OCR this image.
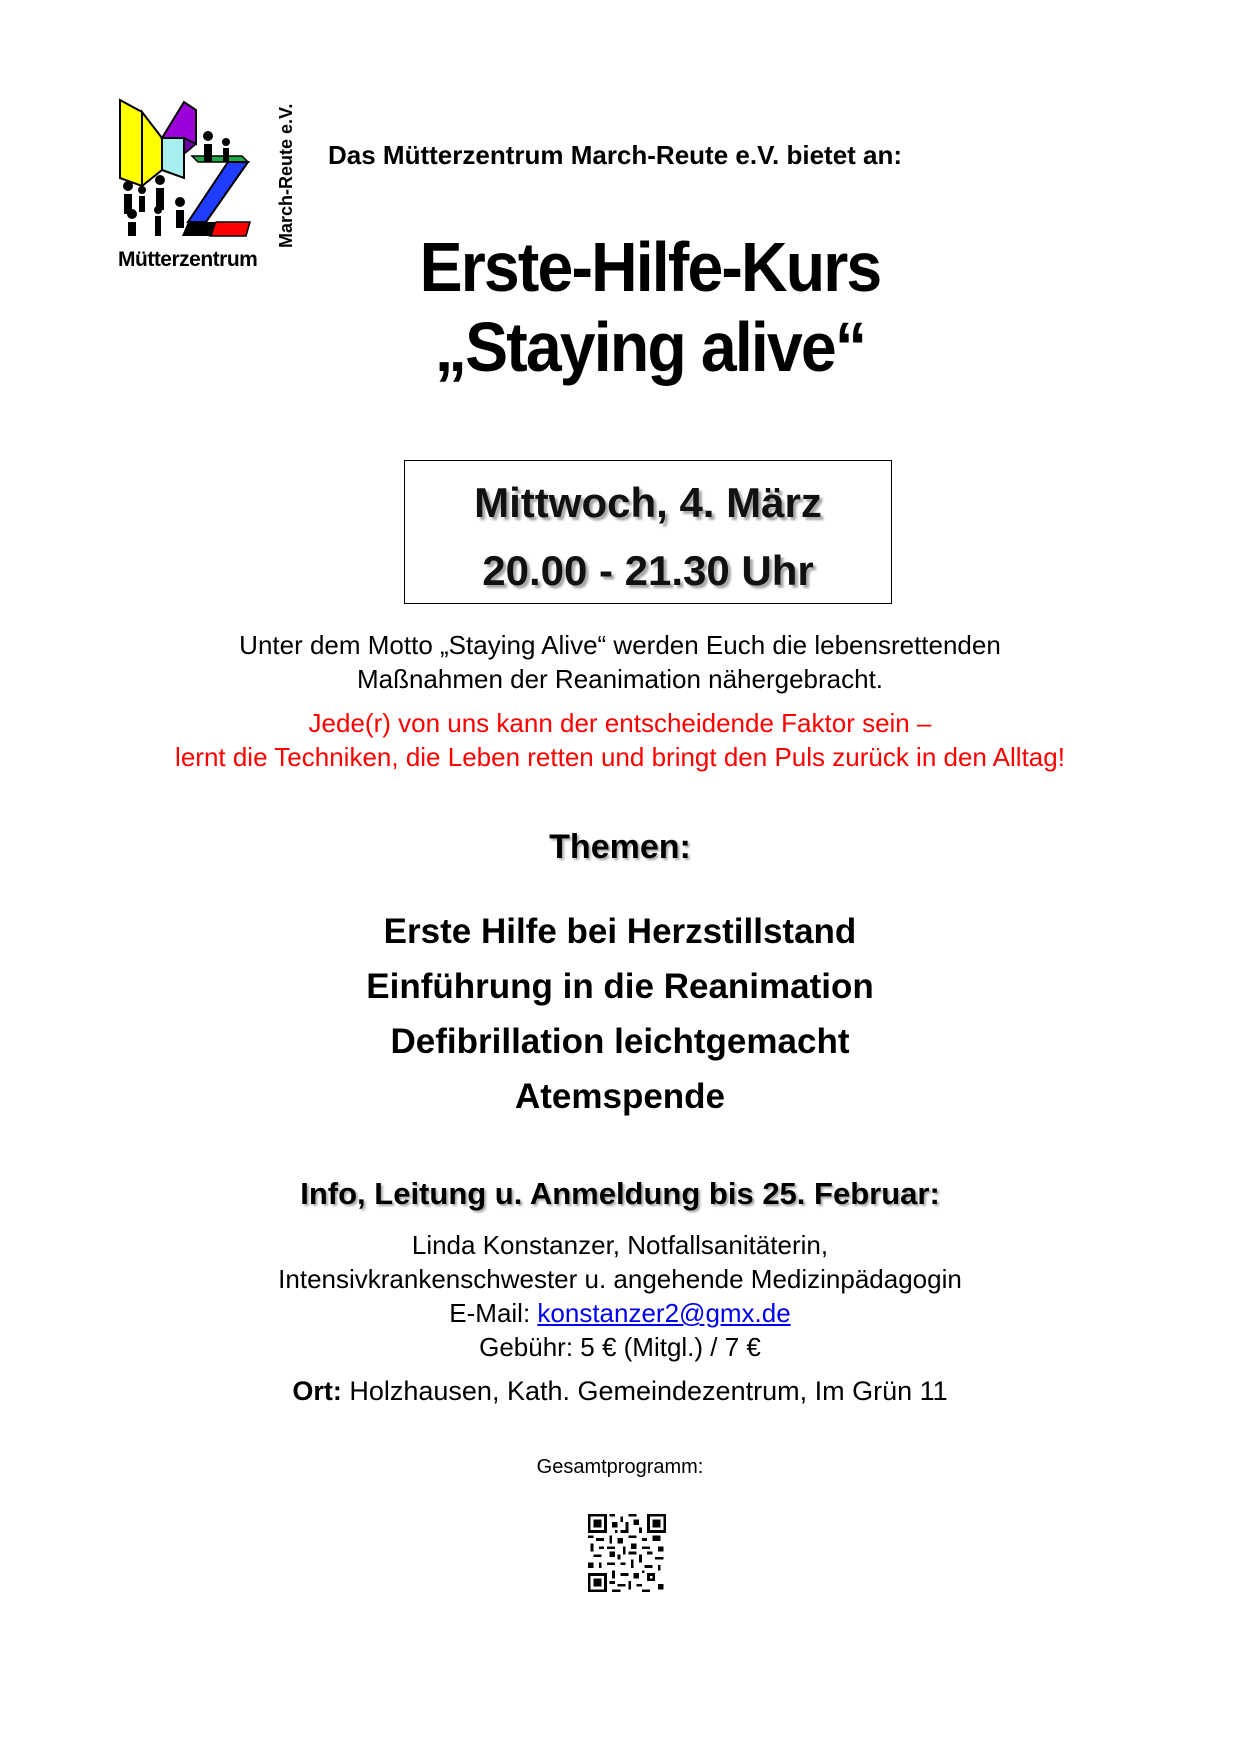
Mütterzentrum
March-Reute e.V. Das Mütterzentrum March-Reute e.V. bietet an:
Erste-Hilfe-Kurs
„Staying alive“
Mittwoch, 4. März
20.00 - 21.30 Uhr
Unter dem Motto „Staying Alive“ werden Euch die lebensrettenden
Maßnahmen der Reanimation nähergebracht.
Jede(r) von uns kann der entscheidende Faktor sein –
lernt die Techniken, die Leben retten und bringt den Puls zurück in den Alltag!
Themen:
Erste Hilfe bei Herzstillstand
Einführung in die Reanimation
Defibrillation leichtgemacht
Atemspende
Info, Leitung u. Anmeldung bis 25. Februar:
Linda Konstanzer, Notfallsanitäterin,
Intensivkrankenschwester u. angehende Medizinpädagogin
E-Mail: konstanzer2@gmx.de
Gebühr: 5 € (Mitgl.) / 7 €
Ort: Holzhausen, Kath. Gemeindezentrum, Im Grün 11
Gesamtprogramm:
